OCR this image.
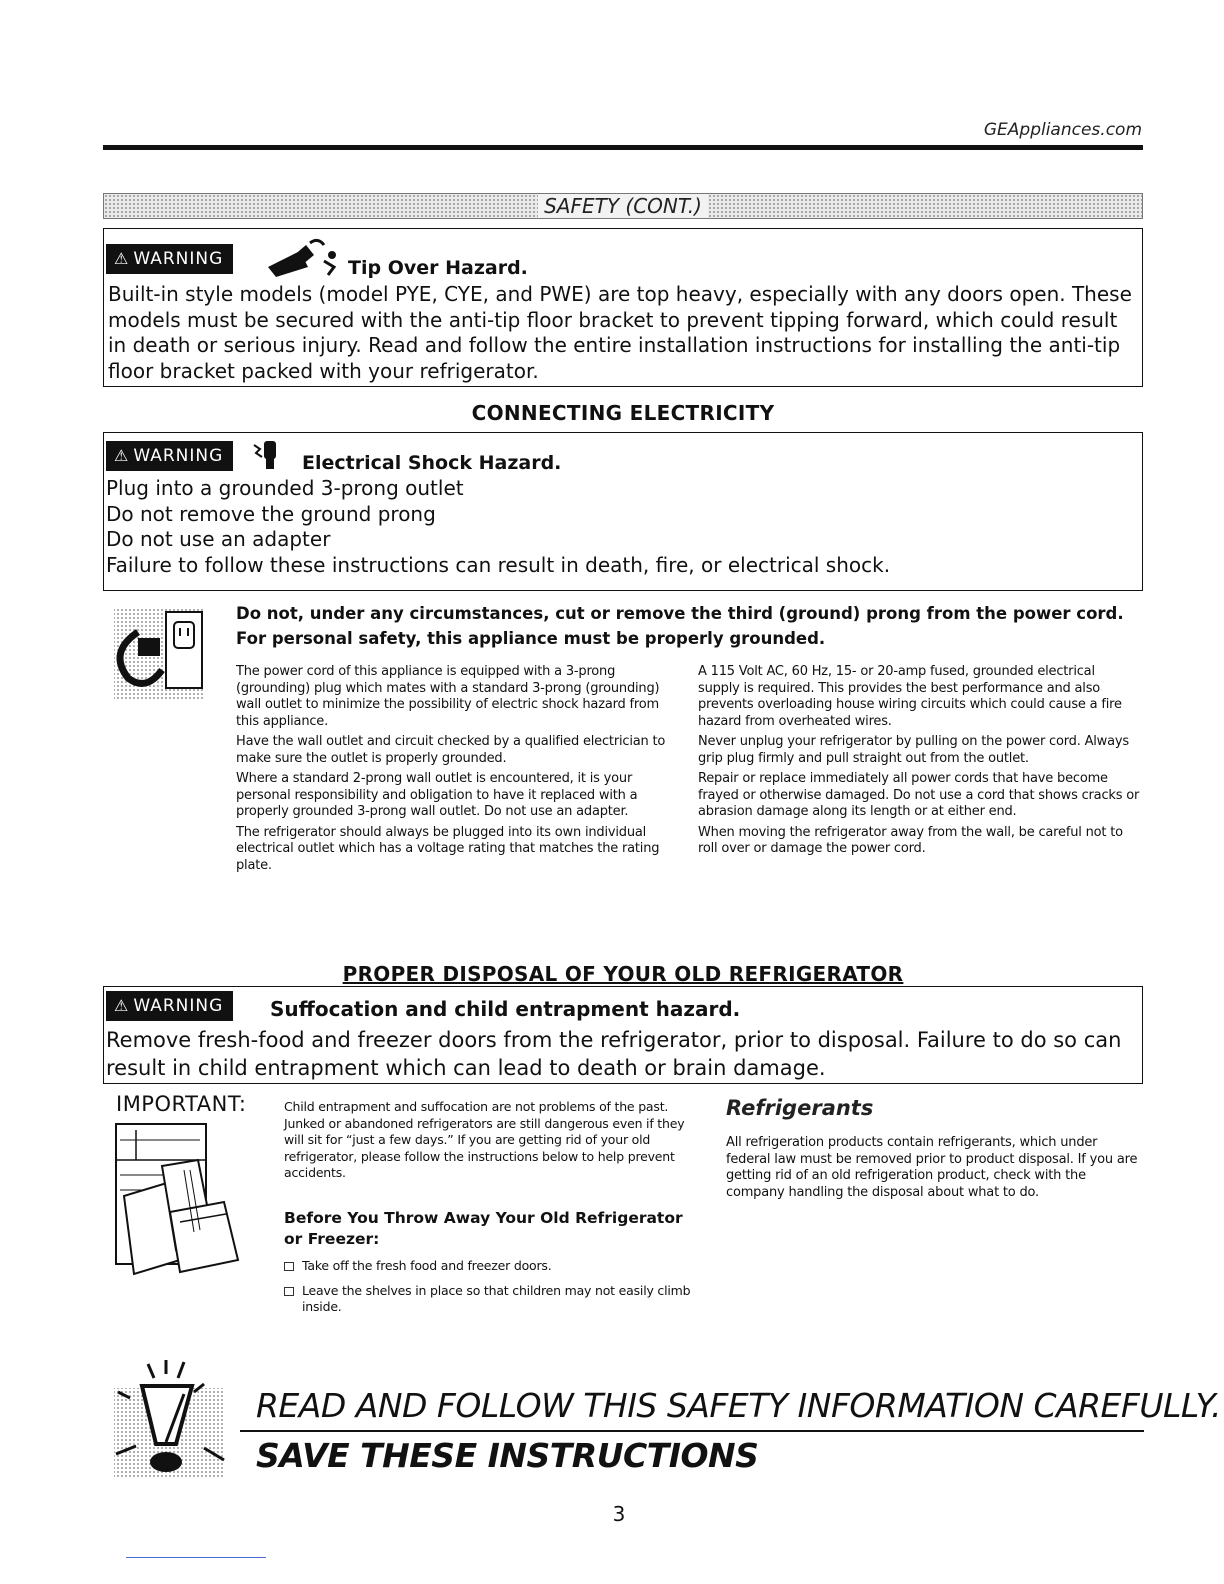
GEAppliances.com
SAFETY (CONT.)
⚠ WARNING	Tip Over Hazard.
Built-in style models (model PYE, CYE, and PWE) are top heavy, especially with any doors open. These
models must be secured with the anti-tip floor bracket to prevent tipping forward, which could result
in death or serious injury. Read and follow the entire installation instructions for installing the anti-tip
floor bracket packed with your refrigerator.
CONNECTING ELECTRICITY
⚠ WARNING	Electrical Shock Hazard.
Plug into a grounded 3-prong outlet
Do not remove the ground prong
Do not use an adapter
Failure to follow these instructions can result in death, fire, or electrical shock.
Do not, under any circumstances, cut or remove the third (ground) prong from the power cord.
For personal safety, this appliance must be properly grounded.

The power cord of this appliance is equipped with a 3-prong (grounding) plug which mates with a standard 3-prong (grounding) wall outlet to minimize the possibility of electric shock hazard from this appliance.

Have the wall outlet and circuit checked by a qualified electrician to make sure the outlet is properly grounded.

Where a standard 2-prong wall outlet is encountered, it is your personal responsibility and obligation to have it replaced with a properly grounded 3-prong wall outlet. Do not use an adapter.

The refrigerator should always be plugged into its own individual electrical outlet which has a voltage rating that matches the rating plate.

A 115 Volt AC, 60 Hz, 15- or 20-amp fused, grounded electrical supply is required. This provides the best performance and also prevents overloading house wiring circuits which could cause a fire hazard from overheated wires.

Never unplug your refrigerator by pulling on the power cord. Always grip plug firmly and pull straight out from the outlet.

Repair or replace immediately all power cords that have become frayed or otherwise damaged. Do not use a cord that shows cracks or abrasion damage along its length or at either end.

When moving the refrigerator away from the wall, be careful not to roll over or damage the power cord.

PROPER DISPOSAL OF YOUR OLD REFRIGERATOR
⚠ WARNING	Suffocation and child entrapment hazard.
Remove fresh-food and freezer doors from the refrigerator, prior to disposal. Failure to do so can
result in child entrapment which can lead to death or brain damage.
IMPORTANT:	Child entrapment and suffocation are not problems of the past. Junked or abandoned refrigerators are still dangerous even if they will sit for “just a few days.” If you are getting rid of your old refrigerator, please follow the instructions below to help prevent accidents.
Before You Throw Away Your Old Refrigerator or Freezer:
Take off the fresh food and freezer doors.
Leave the shelves in place so that children may not easily climb inside.
Refrigerants
All refrigeration products contain refrigerants, which under federal law must be removed prior to product disposal. If you are getting rid of an old refrigeration product, check with the company handling the disposal about what to do.
READ AND FOLLOW THIS SAFETY INFORMATION CAREFULLY.
SAVE THESE INSTRUCTIONS
3
